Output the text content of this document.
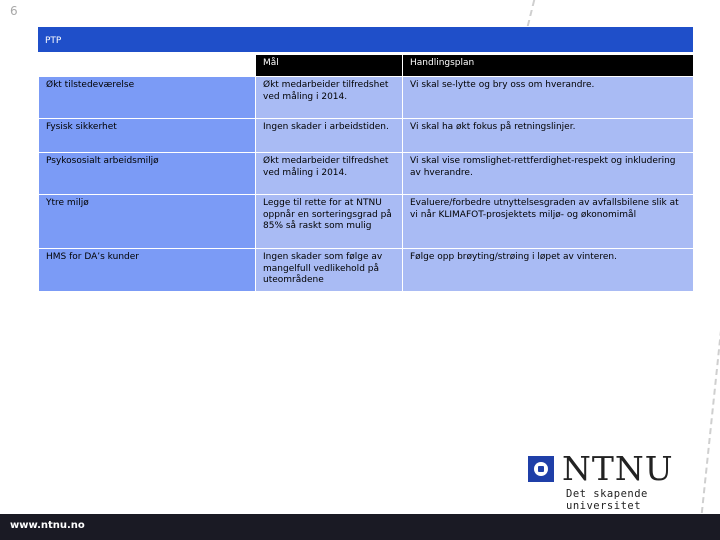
6
PTP
	Mål	Handlingsplan
Økt tilstedeværelse	Økt medarbeider tilfredshet ved måling i 2014.	Vi skal se-lytte og bry oss om hverandre.
Fysisk sikkerhet	Ingen skader i arbeidstiden.	Vi skal ha økt fokus på retningslinjer.
Psykososialt arbeidsmiljø	Økt medarbeider tilfredshet ved måling i 2014.	Vi skal vise romslighet-rettferdighet-respekt og inkludering av hverandre.
Ytre miljø	Legge til rette for at NTNU oppnår en sorteringsgrad på 85% så raskt som mulig	Evaluere/forbedre utnyttelsesgraden av avfallsbilene slik at vi når KLIMAFOT-prosjektets miljø- og økonomimål
HMS for DA’s kunder	Ingen skader som følge av mangelfull vedlikehold på uteområdene	Følge opp brøyting/strøing i løpet av vinteren.
NTNU
Det skapende universitet
www.ntnu.no
